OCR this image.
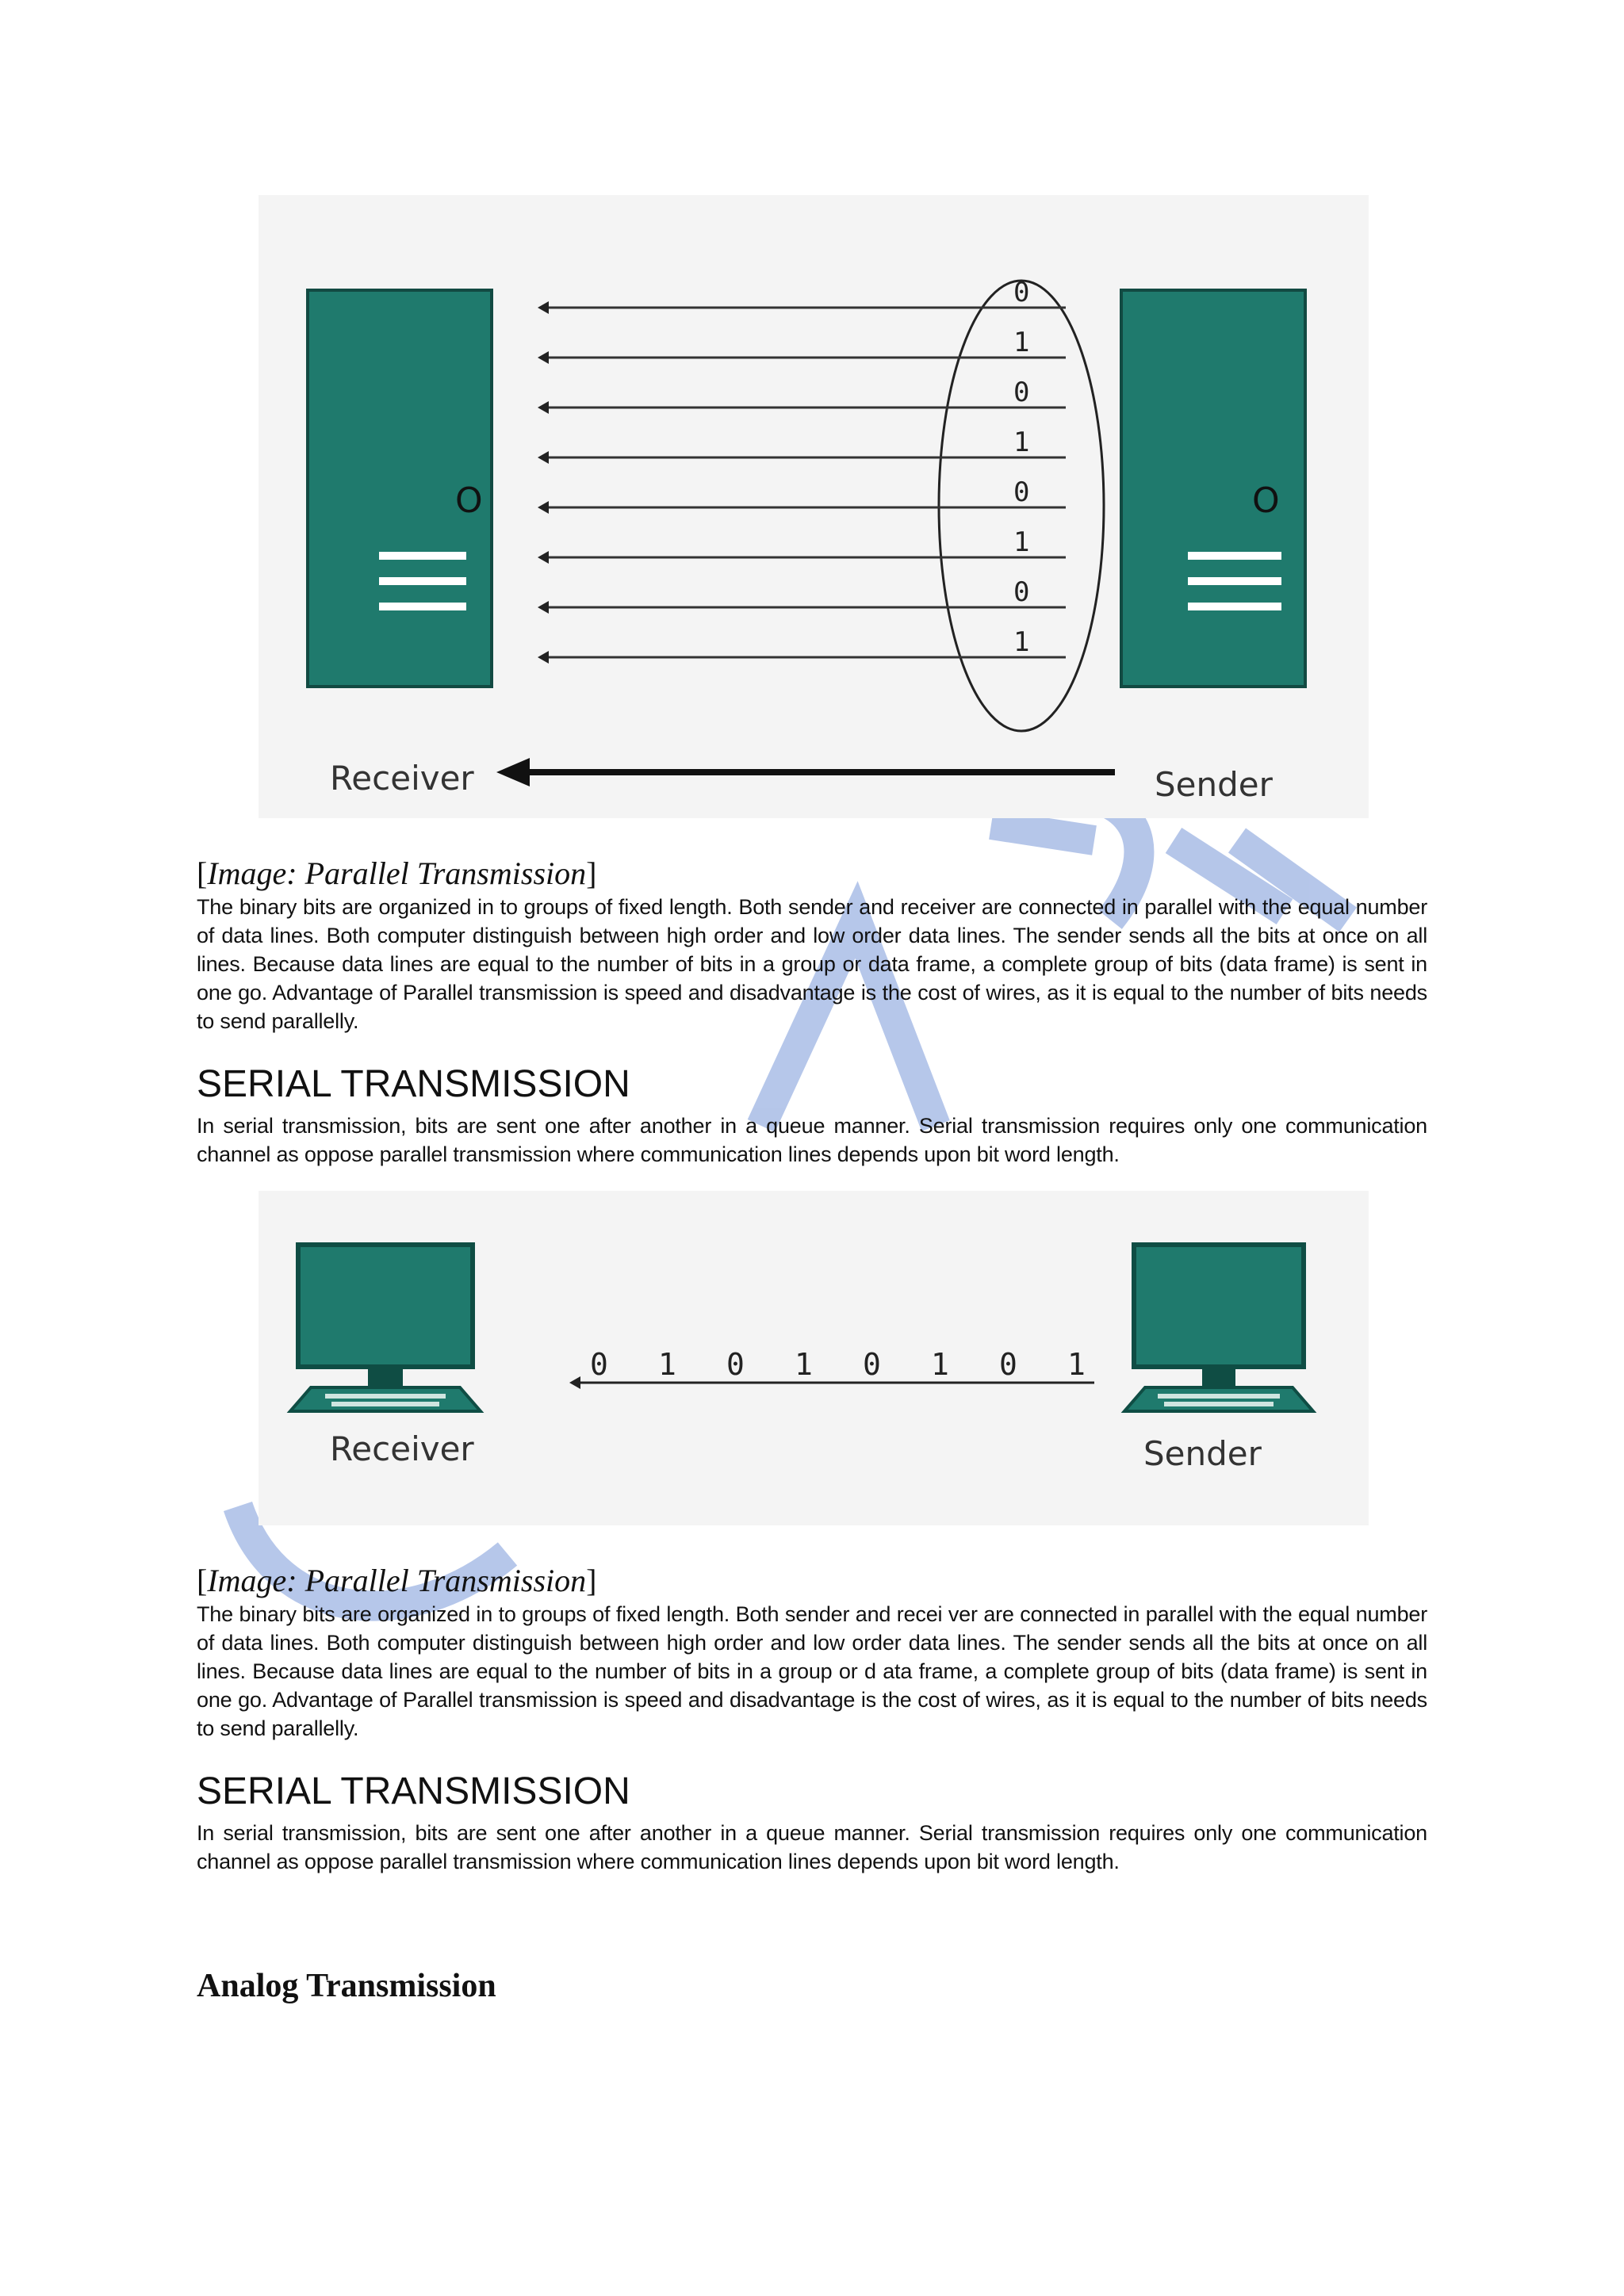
O	O
0
1
0
1
0
1
0
1
Receiver	Sender
[Image: Parallel Transmission]

The binary bits are organized in to groups of fixed length. Both sender and receiver are connected in parallel with the equal number of data lines. Both computer distinguish between high order and low order data lines. The sender sends all the bits at once on all lines. Because data lines are equal to the number of bits in a group or data frame, a complete group of bits (data frame) is sent in one go. Advantage of Parallel transmission is speed and disadvantage is the cost of wires, as it is equal to the number of bits needs to send parallelly.

SERIAL TRANSMISSION

In serial transmission, bits are sent one after another in a queue manner. Serial transmission requires only one communication channel as oppose parallel transmission where communication lines depends upon bit word length.

0 1 0 1 0 1 0 1
Receiver	Sender
[Image: Parallel Transmission]

The binary bits are organized in to groups of fixed length. Both sender and recei ver are connected in parallel with the equal number of data lines. Both computer distinguish between high order and low order data lines. The sender sends all the bits at once on all lines. Because data lines are equal to the number of bits in a group or d ata frame, a complete group of bits (data frame) is sent in one go. Advantage of Parallel transmission is speed and disadvantage is the cost of wires, as it is equal to the number of bits needs to send parallelly.

SERIAL TRANSMISSION

In serial transmission, bits are sent one after another in a queue manner. Serial transmission requires only one communication channel as oppose parallel transmission where communication lines depends upon bit word length.

Analog Transmission
